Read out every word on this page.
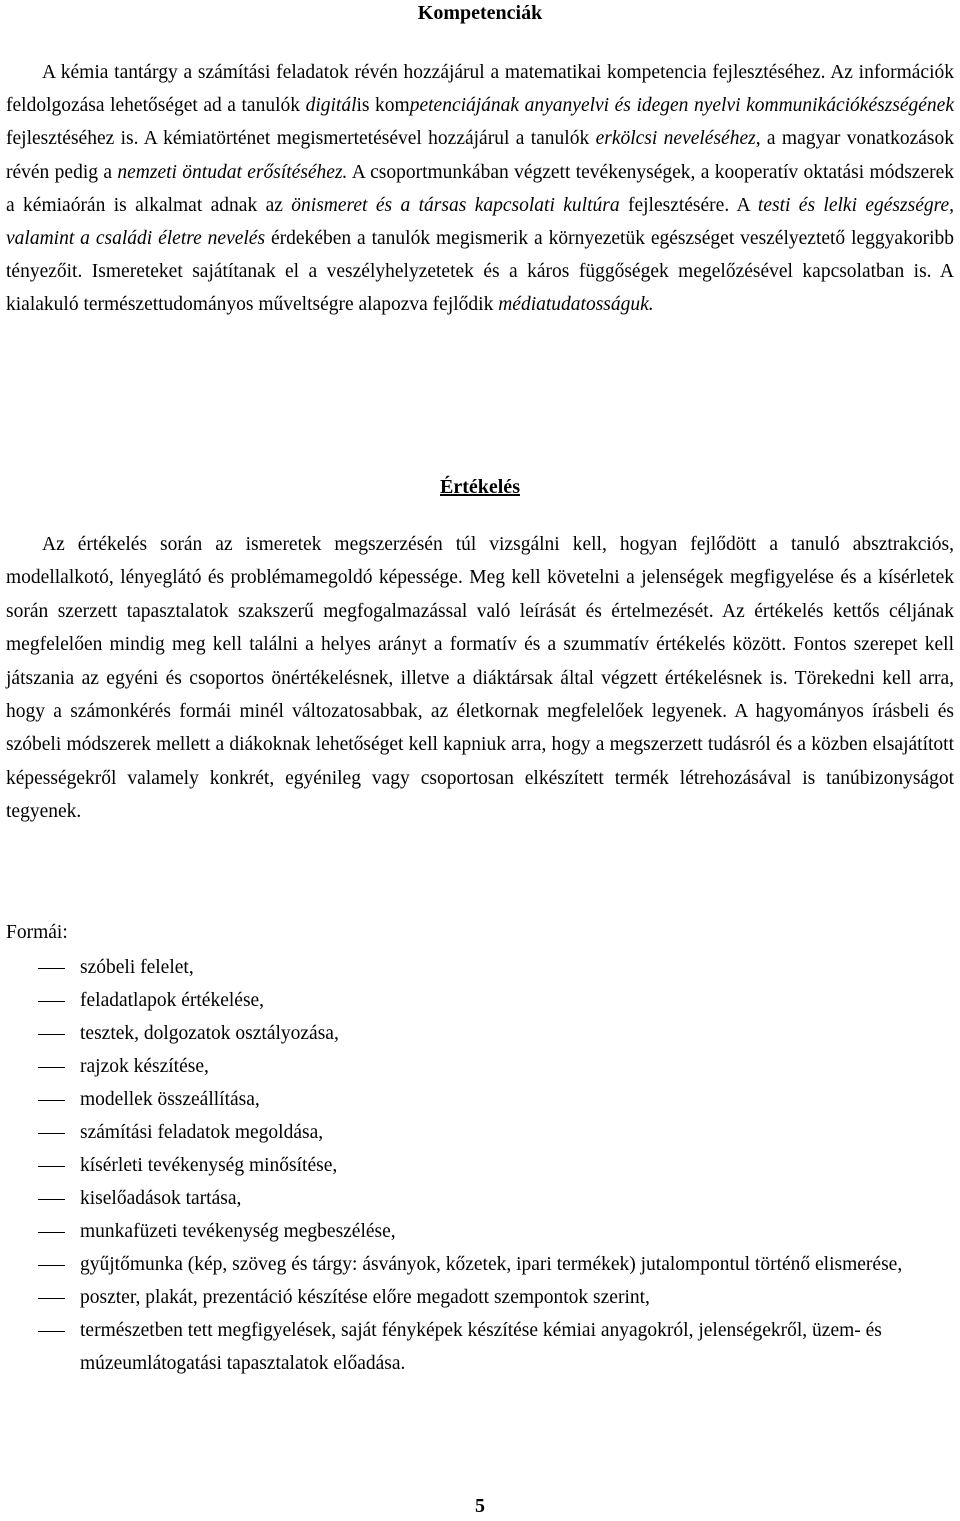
Kompetenciák

A kémia tantárgy a számítási feladatok révén hozzájárul a matematikai kompetencia fejlesztéséhez. Az információk feldolgozása lehetőséget ad a tanulók digitális kompetenciájának anyanyelvi és idegen nyelvi kommunikációkészségének fejlesztéséhez is. A kémiatörténet megismertetésével hozzájárul a tanulók erkölcsi neveléséhez, a magyar vonatkozások révén pedig a nemzeti öntudat erősítéséhez. A csoportmunkában végzett tevékenységek, a kooperatív oktatási módszerek a kémiaórán is alkalmat adnak az önismeret és a társas kapcsolati kultúra fejlesztésére. A testi és lelki egészségre, valamint a családi életre nevelés érdekében a tanulók megismerik a környezetük egészséget veszélyeztető leggyakoribb tényezőit. Ismereteket sajátítanak el a veszélyhelyzetetek és a káros függőségek megelőzésével kapcsolatban is. A kialakuló természettudományos műveltségre alapozva fejlődik médiatudatosságuk.

Értékelés

Az értékelés során az ismeretek megszerzésén túl vizsgálni kell, hogyan fejlődött a tanuló absztrakciós, modellalkotó, lényeglátó és problémamegoldó képessége. Meg kell követelni a jelenségek megfigyelése és a kísérletek során szerzett tapasztalatok szakszerű megfogalmazással való leírását és értelmezését. Az értékelés kettős céljának megfelelően mindig meg kell találni a helyes arányt a formatív és a szummatív értékelés között. Fontos szerepet kell játszania az egyéni és csoportos önértékelésnek, illetve a diáktársak által végzett értékelésnek is. Törekedni kell arra, hogy a számonkérés formái minél változatosabbak, az életkornak megfelelőek legyenek. A hagyományos írásbeli és szóbeli módszerek mellett a diákoknak lehetőséget kell kapniuk arra, hogy a megszerzett tudásról és a közben elsajátított képességekről valamely konkrét, egyénileg vagy csoportosan elkészített termék létrehozásával is tanúbizonyságot tegyenek.

Formái:

szóbeli felelet,
feladatlapok értékelése,
tesztek, dolgozatok osztályozása,
rajzok készítése,
modellek összeállítása,
számítási feladatok megoldása,
kísérleti tevékenység minősítése,
kiselőadások tartása,
munkafüzeti tevékenység megbeszélése,
gyűjtőmunka (kép, szöveg és tárgy: ásványok, kőzetek, ipari termékek) jutalompontul történő elismerése,
poszter, plakát, prezentáció készítése előre megadott szempontok szerint,
természetben tett megfigyelések, saját fényképek készítése kémiai anyagokról, jelenségekről, üzem- és múzeumlátogatási tapasztalatok előadása.
5
